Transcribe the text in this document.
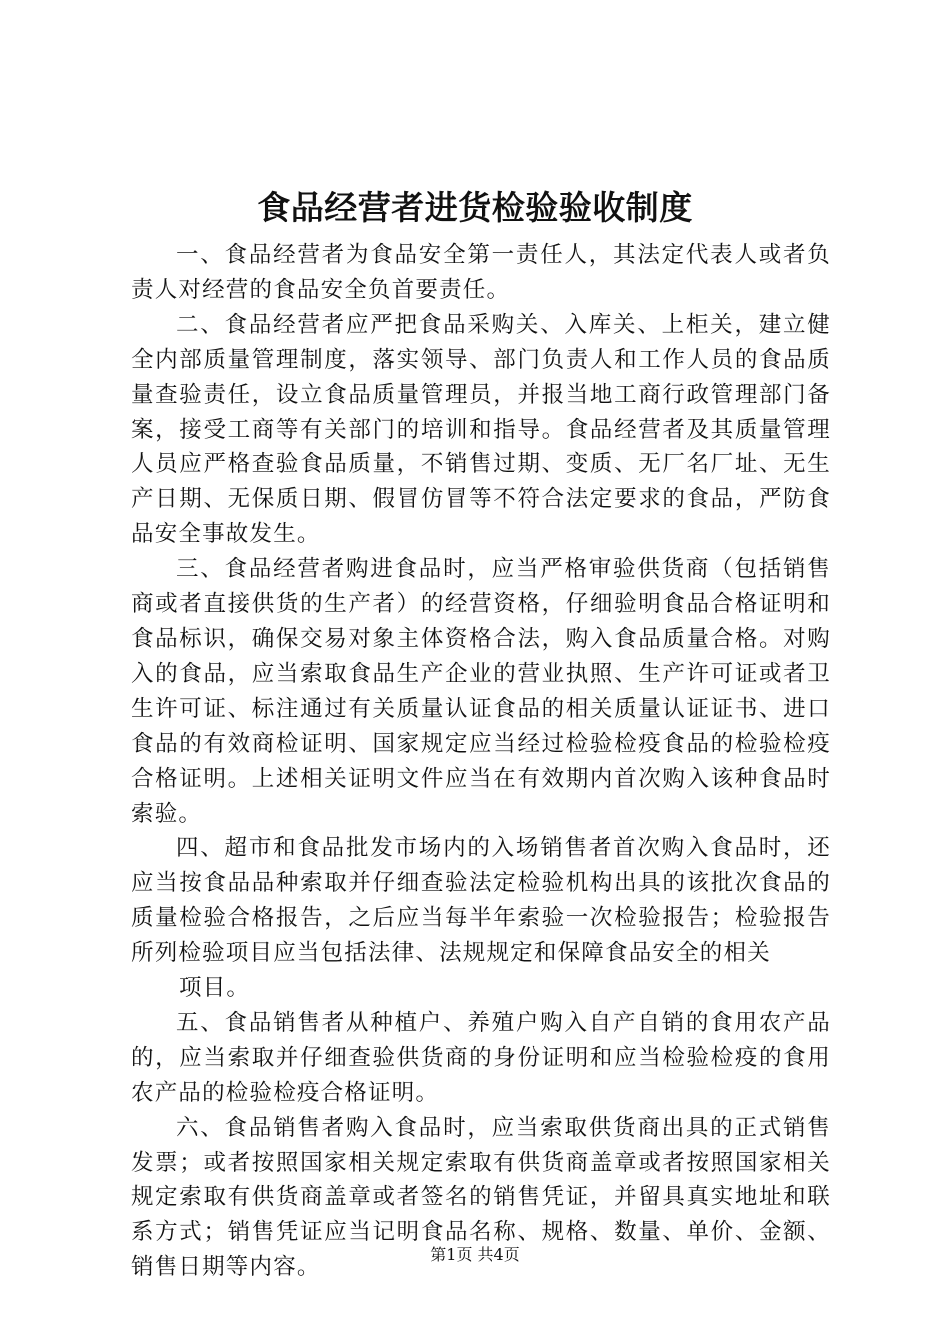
食品经营者进货检验验收制度

一、食品经营者为食品安全第一责任人，其法定代表人或者负责人对经营的食品安全负首要责任。

二、食品经营者应严把食品采购关、入库关、上柜关，建立健全内部质量管理制度，落实领导、部门负责人和工作人员的食品质量查验责任，设立食品质量管理员，并报当地工商行政管理部门备案，接受工商等有关部门的培训和指导。食品经营者及其质量管理人员应严格查验食品质量，不销售过期、变质、无厂名厂址、无生产日期、无保质日期、假冒仿冒等不符合法定要求的食品，严防食品安全事故发生。

三、食品经营者购进食品时，应当严格审验供货商（包括销售商或者直接供货的生产者）的经营资格，仔细验明食品合格证明和食品标识，确保交易对象主体资格合法，购入食品质量合格。对购入的食品，应当索取食品生产企业的营业执照、生产许可证或者卫生许可证、标注通过有关质量认证食品的相关质量认证证书、进口食品的有效商检证明、国家规定应当经过检验检疫食品的检验检疫合格证明。上述相关证明文件应当在有效期内首次购入该种食品时索验。

四、超市和食品批发市场内的入场销售者首次购入食品时，还应当按食品品种索取并仔细查验法定检验机构出具的该批次食品的质量检验合格报告，之后应当每半年索验一次检验报告；检验报告所列检验项目应当包括法律、法规规定和保障食品安全的相关

项目。

五、食品销售者从种植户、养殖户购入自产自销的食用农产品的，应当索取并仔细查验供货商的身份证明和应当检验检疫的食用农产品的检验检疫合格证明。

六、食品销售者购入食品时，应当索取供货商出具的正式销售发票；或者按照国家相关规定索取有供货商盖章或者按照国家相关规定索取有供货商盖章或者签名的销售凭证，并留具真实地址和联系方式；销售凭证应当记明食品名称、规格、数量、单价、金额、销售日期等内容。	第1页 共4页
